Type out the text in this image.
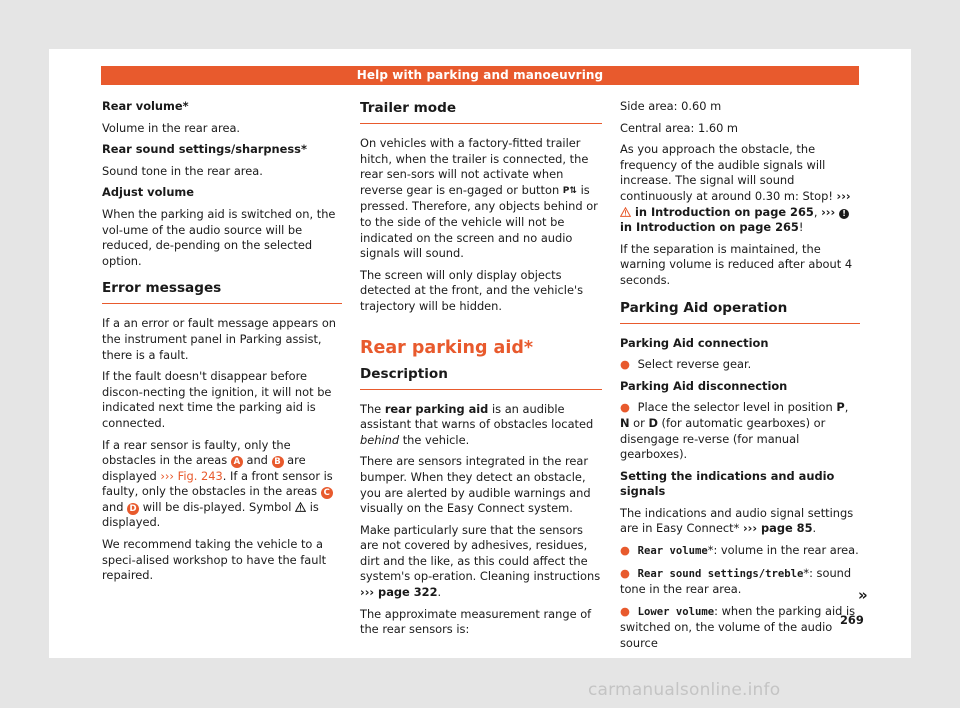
Help with parking and manoeuvring

Rear volume*

Volume in the rear area.

Rear sound settings/sharpness*

Sound tone in the rear area.

Adjust volume

When the parking aid is switched on, the vol-ume of the audio source will be reduced, de-pending on the selected option.

Error messages

If a an error or fault message appears on the instrument panel in Parking assist, there is a fault.

If the fault doesn't disappear before discon-necting the ignition, it will not be indicated next time the parking aid is connected.

If a rear sensor is faulty, only the obstacles in the areas A and B are displayed ››› Fig. 243. If a front sensor is faulty, only the obstacles in the areas C and D will be dis-played. Symbol is displayed.

We recommend taking the vehicle to a speci-alised workshop to have the fault repaired.

Trailer mode

On vehicles with a factory-fitted trailer hitch, when the trailer is connected, the rear sen-sors will not activate when reverse gear is en-gaged or button P⇅ is pressed. Therefore, any objects behind or to the side of the vehicle will not be indicated on the screen and no audio signals will sound.

The screen will only display objects detected at the front, and the vehicle's trajectory will be hidden.

Rear parking aid*
Description

The rear parking aid is an audible assistant that warns of obstacles located behind the vehicle.

There are sensors integrated in the rear bumper. When they detect an obstacle, you are alerted by audible warnings and visually on the Easy Connect system.

Make particularly sure that the sensors are not covered by adhesives, residues, dirt and the like, as this could affect the system's op-eration. Cleaning instructions ››› page 322.

The approximate measurement range of the rear sensors is:

Side area: 0.60 m

Central area: 1.60 m

As you approach the obstacle, the frequency of the audible signals will increase. The signal will sound continuously at around 0.30 m: Stop! ›››  in Introduction on page 265, ››› ! in Introduction on page 265!

If the separation is maintained, the warning volume is reduced after about 4 seconds.

Parking Aid operation

Parking Aid connection

● Select reverse gear.

Parking Aid disconnection

● Place the selector level in position P, N or D (for automatic gearboxes) or disengage re-verse (for manual gearboxes).

Setting the indications and audio signals

The indications and audio signal settings are in Easy Connect* ››› page 85.

● Rear volume*: volume in the rear area.

● Rear sound settings/treble*: sound tone in the rear area.

● Lower volume: when the parking aid is switched on, the volume of the audio source

»
269
carmanualsonline.info
